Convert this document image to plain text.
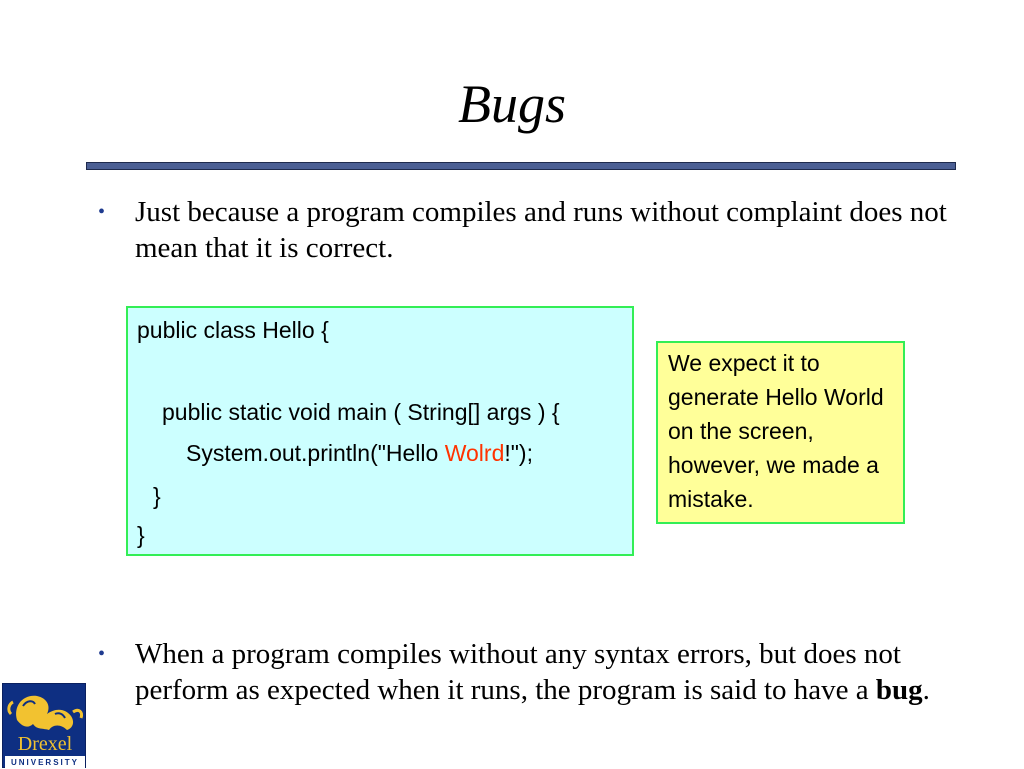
Bugs
•	Just because a program compiles and runs without complaint does not mean that it is correct.
public class Hello {
public static void main ( String[] args ) {
System.out.println("Hello Wolrd!");
}
}
We expect it to generate Hello World on the screen, however, we made a mistake.
•	When a program compiles without any syntax errors, but does not perform as expected when it runs, the program is said to have a bug.
Drexel
UNIVERSITY
